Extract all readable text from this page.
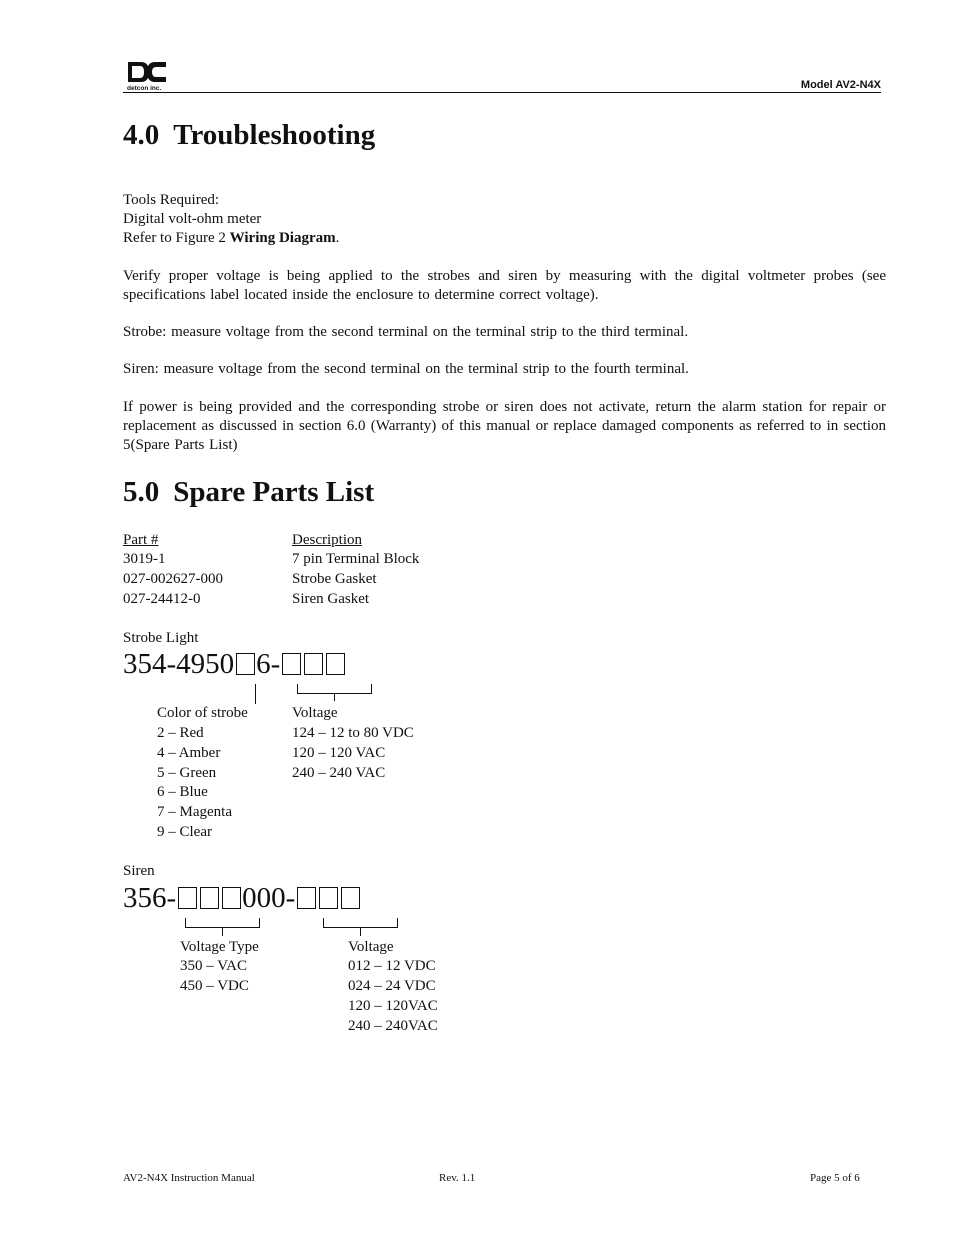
detcon inc.	Model AV2-N4X
4.0 Troubleshooting
Tools Required:
Digital volt-ohm meter
Refer to Figure 2 Wiring Diagram.
Verify proper voltage is being applied to the strobes and siren by measuring with the digital voltmeter probes (see specifications label located inside the enclosure to determine correct voltage).
Strobe: measure voltage from the second terminal on the terminal strip to the third terminal.
Siren: measure voltage from the second terminal on the terminal strip to the fourth terminal.
If power is being provided and the corresponding strobe or siren does not activate, return the alarm station for repair or replacement as discussed in section 6.0 (Warranty) of this manual or replace damaged components as referred to in section 5(Spare Parts List)
5.0 Spare Parts List
Part #	Description
3019-1	7 pin Terminal Block
027-002627-000	Strobe Gasket
027-24412-0	Siren Gasket
Strobe Light
354-4950 6-
Color of strobe
2 – Red
4 – Amber
5 – Green
6 – Blue
7 – Magenta
9 – Clear
Voltage
124 – 12 to 80 VDC
120 – 120 VAC
240 – 240 VAC
Siren
356- 000-
Voltage Type
350 – VAC
450 – VDC
Voltage
012 – 12 VDC
024 – 24 VDC
120 – 120VAC
240 – 240VAC
AV2-N4X Instruction Manual	Rev. 1.1	Page 5 of 6
